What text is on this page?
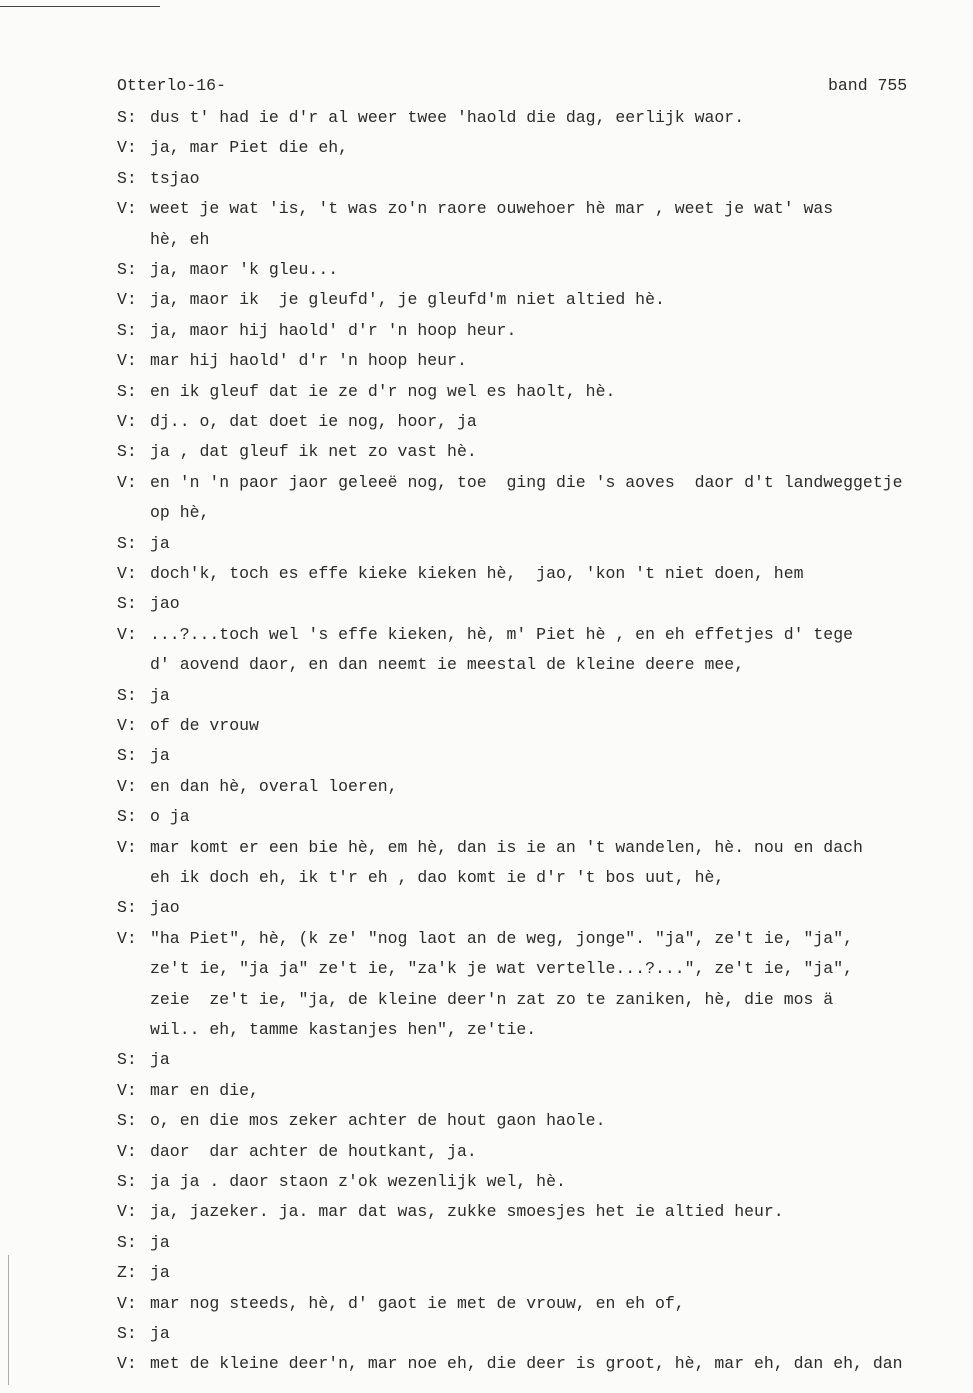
Otterlo-16-	band 755
S: dus t' had ie d'r al weer twee 'haold die dag, eerlijk waor.
V: ja, mar Piet die eh,
S: tsjao
V: weet je wat 'is, 't was zo'n raore ouwehoer hè mar , weet je wat' was
hè, eh
S: ja, maor 'k gleu...
V: ja, maor ik  je gleufd', je gleufd'm niet altied hè.
S: ja, maor hij haold' d'r 'n hoop heur.
V: mar hij haold' d'r 'n hoop heur.
S: en ik gleuf dat ie ze d'r nog wel es haolt, hè.
V: dj.. o, dat doet ie nog, hoor, ja
S: ja , dat gleuf ik net zo vast hè.
V: en 'n 'n paor jaor geleeë nog, toe  ging die 's aoves  daor d't landweggetje
op hè,
S: ja
V: doch'k, toch es effe kieke kieken hè,  jao, 'kon 't niet doen, hem
S: jao
V: ...?...toch wel 's effe kieken, hè, m' Piet hè , en eh effetjes d' tege
d' aovend daor, en dan neemt ie meestal de kleine deere mee,
S: ja
V: of de vrouw
S: ja
V: en dan hè, overal loeren,
S: o ja
V: mar komt er een bie hè, em hè, dan is ie an 't wandelen, hè. nou en dach
eh ik doch eh, ik t'r eh , dao komt ie d'r 't bos uut, hè,
S: jao
V: "ha Piet", hè, (k ze' "nog laot an de weg, jonge". "ja", ze't ie, "ja",
ze't ie, "ja ja" ze't ie, "za'k je wat vertelle...?...", ze't ie, "ja",
zeie  ze't ie, "ja, de kleine deer'n zat zo te zaniken, hè, die mos ä
wil.. eh, tamme kastanjes hen", ze'tie.
S: ja
V: mar en die,
S: o, en die mos zeker achter de hout gaon haole.
V: daor  dar achter de houtkant, ja.
S: ja ja . daor staon z'ok wezenlijk wel, hè.
V: ja, jazeker. ja. mar dat was, zukke smoesjes het ie altied heur.
S: ja
Z: ja
V: mar nog steeds, hè, d' gaot ie met de vrouw, en eh of,
S: ja
V: met de kleine deer'n, mar noe eh, die deer is groot, hè, mar eh, dan eh, dan
